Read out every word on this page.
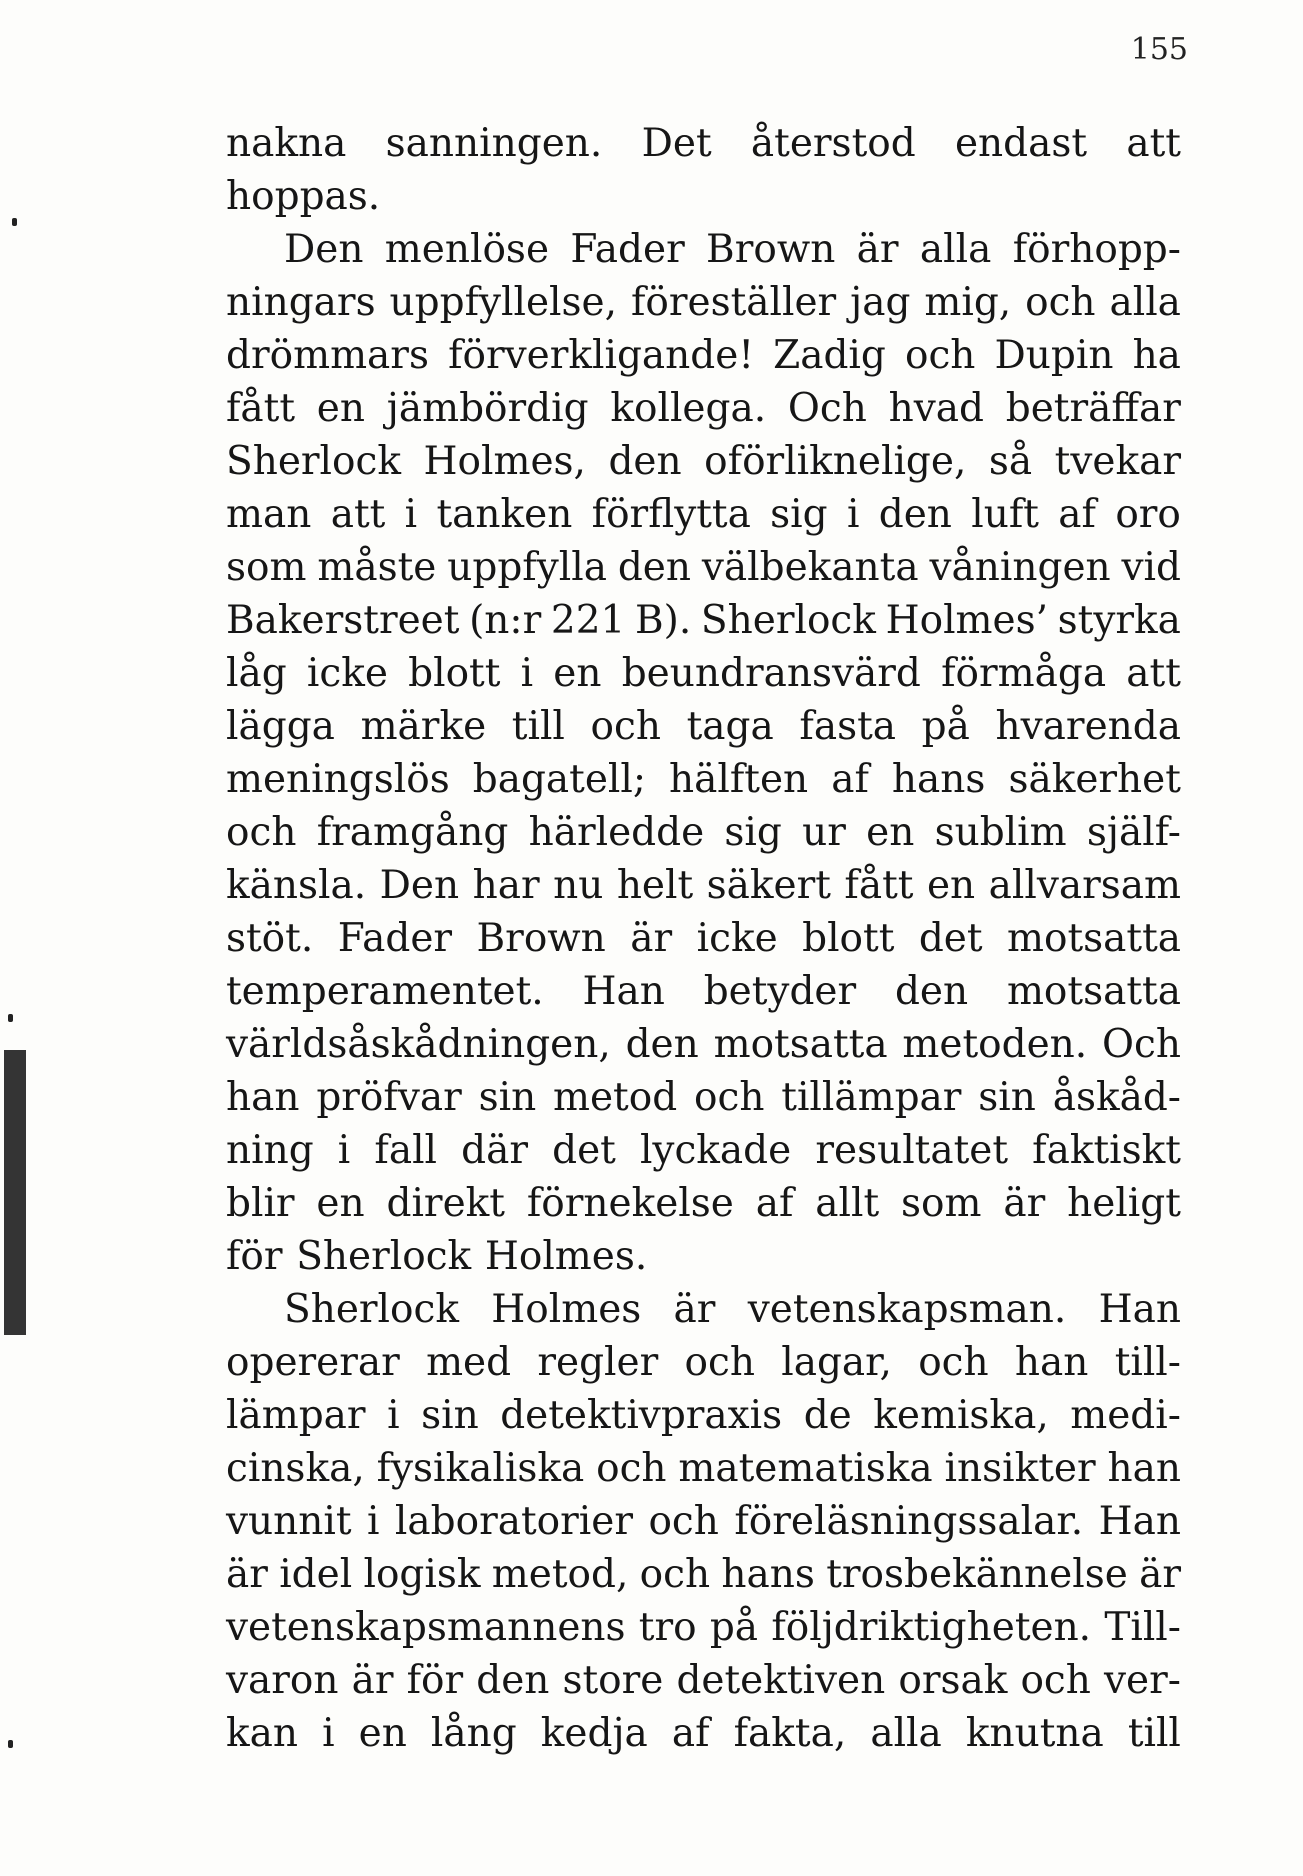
155
nakna sanningen. Det återstod endast att
hoppas.
Den menlöse Fader Brown är alla förhopp-
ningars uppfyllelse, föreställer jag mig, och alla
drömmars förverkligande! Zadig och Dupin ha
fått en jämbördig kollega. Och hvad beträffar
Sherlock Holmes, den oförliknelige, så tvekar
man att i tanken förflytta sig i den luft af oro
som måste uppfylla den välbekanta våningen vid
Bakerstreet (n:r 221 B). Sherlock Holmes’ styrka
låg icke blott i en beundransvärd förmåga att
lägga märke till och taga fasta på hvarenda
meningslös bagatell; hälften af hans säkerhet
och framgång härledde sig ur en sublim själf-
känsla. Den har nu helt säkert fått en allvarsam
stöt. Fader Brown är icke blott det motsatta
temperamentet. Han betyder den motsatta
världsåskådningen, den motsatta metoden. Och
han pröfvar sin metod och tillämpar sin åskåd-
ning i fall där det lyckade resultatet faktiskt
blir en direkt förnekelse af allt som är heligt
för Sherlock Holmes.
Sherlock Holmes är vetenskapsman. Han
opererar med regler och lagar, och han till-
lämpar i sin detektivpraxis de kemiska, medi-
cinska, fysikaliska och matematiska insikter han
vunnit i laboratorier och föreläsningssalar. Han
är idel logisk metod, och hans trosbekännelse är
vetenskapsmannens tro på följdriktigheten. Till-
varon är för den store detektiven orsak och ver-
kan i en lång kedja af fakta, alla knutna till
